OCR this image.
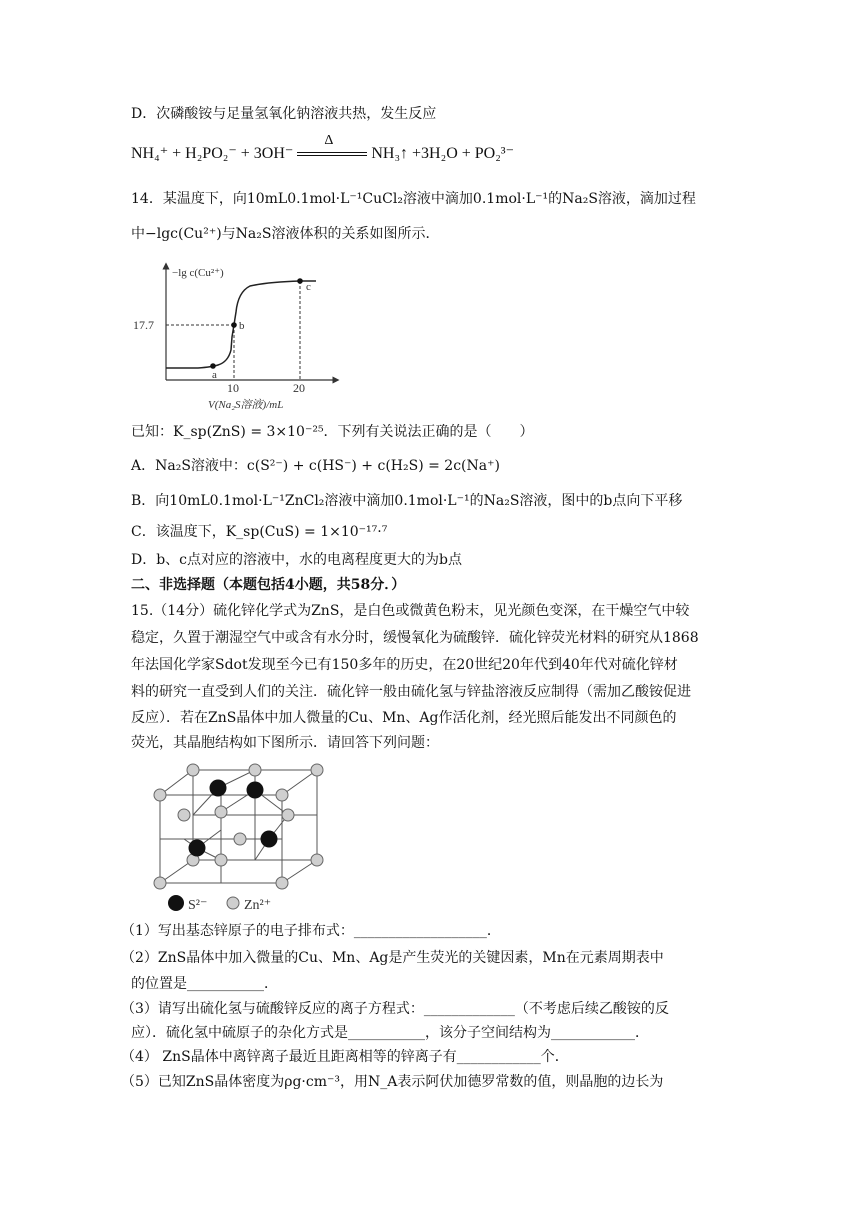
D．次磷酸铵与足量氢氧化钠溶液共热，发生反应
NH₄⁺ + H₂PO₂⁻ + 3OH⁻
Δ
NH₃↑ +3H₂O + PO₂³⁻
14．某温度下，向10mL0.1mol·L⁻¹CuCl₂溶液中滴加0.1mol·L⁻¹的Na₂S溶液，滴加过程
中−lgc(Cu²⁺)与Na₂S溶液体积的关系如图所示．
−lg c(Cu²⁺)
17.7
a
b
c
10	20
V(Na₂S溶液)/mL
已知：K_sp(ZnS) = 3×10⁻²⁵．下列有关说法正确的是（　　）
A．Na₂S溶液中：c(S²⁻) + c(HS⁻) + c(H₂S) = 2c(Na⁺)
B．向10mL0.1mol·L⁻¹ZnCl₂溶液中滴加0.1mol·L⁻¹的Na₂S溶液，图中的b点向下平移
C．该温度下，K_sp(CuS) = 1×10⁻¹⁷·⁷
D．b、c点对应的溶液中，水的电离程度更大的为b点
二、非选择题（本题包括4小题，共58分．）
15.（14分）硫化锌化学式为ZnS，是白色或微黄色粉末，见光颜色变深，在干燥空气中较
稳定，久置于潮湿空气中或含有水分时，缓慢氧化为硫酸锌．硫化锌荧光材料的研究从1868
年法国化学家Sdot发现至今已有150多年的历史，在20世纪20年代到40年代对硫化锌材
料的研究一直受到人们的关注．硫化锌一般由硫化氢与锌盐溶液反应制得（需加乙酸铵促进
反应）．若在ZnS晶体中加人微量的Cu、Mn、Ag作活化剂，经光照后能发出不同颜色的
荧光，其晶胞结构如下图所示．请回答下列问题：
S²⁻	Zn²⁺
（1）写出基态锌原子的电子排布式：___________________．
（2）ZnS晶体中加入微量的Cu、Mn、Ag是产生荧光的关键因素，Mn在元素周期表中
的位置是___________．
（3）请写出硫化氢与硫酸锌反应的离子方程式：_____________（不考虑后续乙酸铵的反
应）．硫化氢中硫原子的杂化方式是___________，该分子空间结构为____________．
（4） ZnS晶体中离锌离子最近且距离相等的锌离子有____________个．
（5）已知ZnS晶体密度为ρg·cm⁻³，用N_A表示阿伏加德罗常数的值，则晶胞的边长为
